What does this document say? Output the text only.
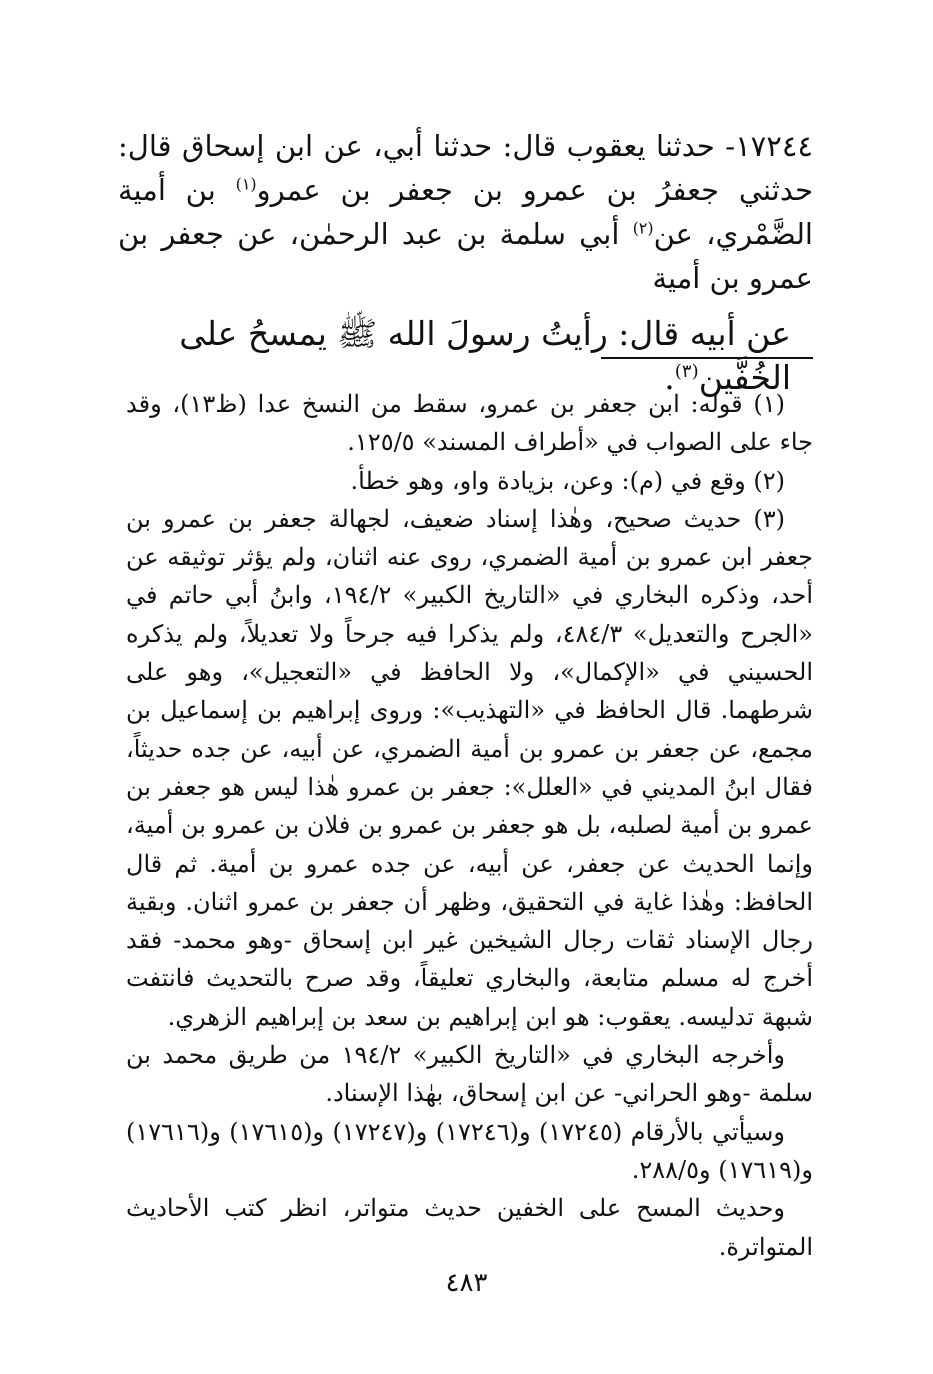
١٧٢٤٤- حدثنا يعقوب قال: حدثنا أبي، عن ابن إسحاق قال: حدثني جعفرُ بن عمرو بن جعفر بن عمرو$^{(١)}$ بن أمية الضَّمْري، عن$^{(٢)}$ أبي سلمة بن عبد الرحمٰن، عن جعفر بن عمرو بن أمية

عن أبيه قال: رأيتُ رسولَ الله ﷺ يمسحُ على الخُفَّين$^{(٣)}$.

(١) قوله: ابن جعفر بن عمرو، سقط من النسخ عدا (ظ١٣)، وقد جاء على الصواب في «أطراف المسند» ١٢٥/٥.

(٢) وقع في (م): وعن، بزيادة واو، وهو خطأ.

(٣) حديث صحيح، وهٰذا إسناد ضعيف، لجهالة جعفر بن عمرو بن جعفر ابن عمرو بن أمية الضمري، روى عنه اثنان، ولم يؤثر توثيقه عن أحد، وذكره البخاري في «التاريخ الكبير» ١٩٤/٢، وابنُ أبي حاتم في «الجرح والتعديل» ٤٨٤/٣، ولم يذكرا فيه جرحاً ولا تعديلاً، ولم يذكره الحسيني في «الإكمال»، ولا الحافظ في «التعجيل»، وهو على شرطهما. قال الحافظ في «التهذيب»: وروى إبراهيم بن إسماعيل بن مجمع، عن جعفر بن عمرو بن أمية الضمري، عن أبيه، عن جده حديثاً، فقال ابنُ المديني في «العلل»: جعفر بن عمرو هٰذا ليس هو جعفر بن عمرو بن أمية لصلبه، بل هو جعفر بن عمرو بن فلان بن عمرو بن أمية، وإنما الحديث عن جعفر، عن أبيه، عن جده عمرو بن أمية. ثم قال الحافظ: وهٰذا غاية في التحقيق، وظهر أن جعفر بن عمرو اثنان. وبقية رجال الإسناد ثقات رجال الشيخين غير ابن إسحاق -وهو محمد- فقد أخرج له مسلم متابعة، والبخاري تعليقاً، وقد صرح بالتحديث فانتفت شبهة تدليسه. يعقوب: هو ابن إبراهيم بن سعد بن إبراهيم الزهري.

وأخرجه البخاري في «التاريخ الكبير» ١٩٤/٢ من طريق محمد بن سلمة -وهو الحراني- عن ابن إسحاق، بهٰذا الإسناد.

وسيأتي بالأرقام (١٧٢٤٥) و(١٧٢٤٦) و(١٧٢٤٧) و(١٧٦١٥) و(١٧٦١٦) و(١٧٦١٩) و٢٨٨/٥.

وحديث المسح على الخفين حديث متواتر، انظر كتب الأحاديث المتواترة.

٤٨٣
